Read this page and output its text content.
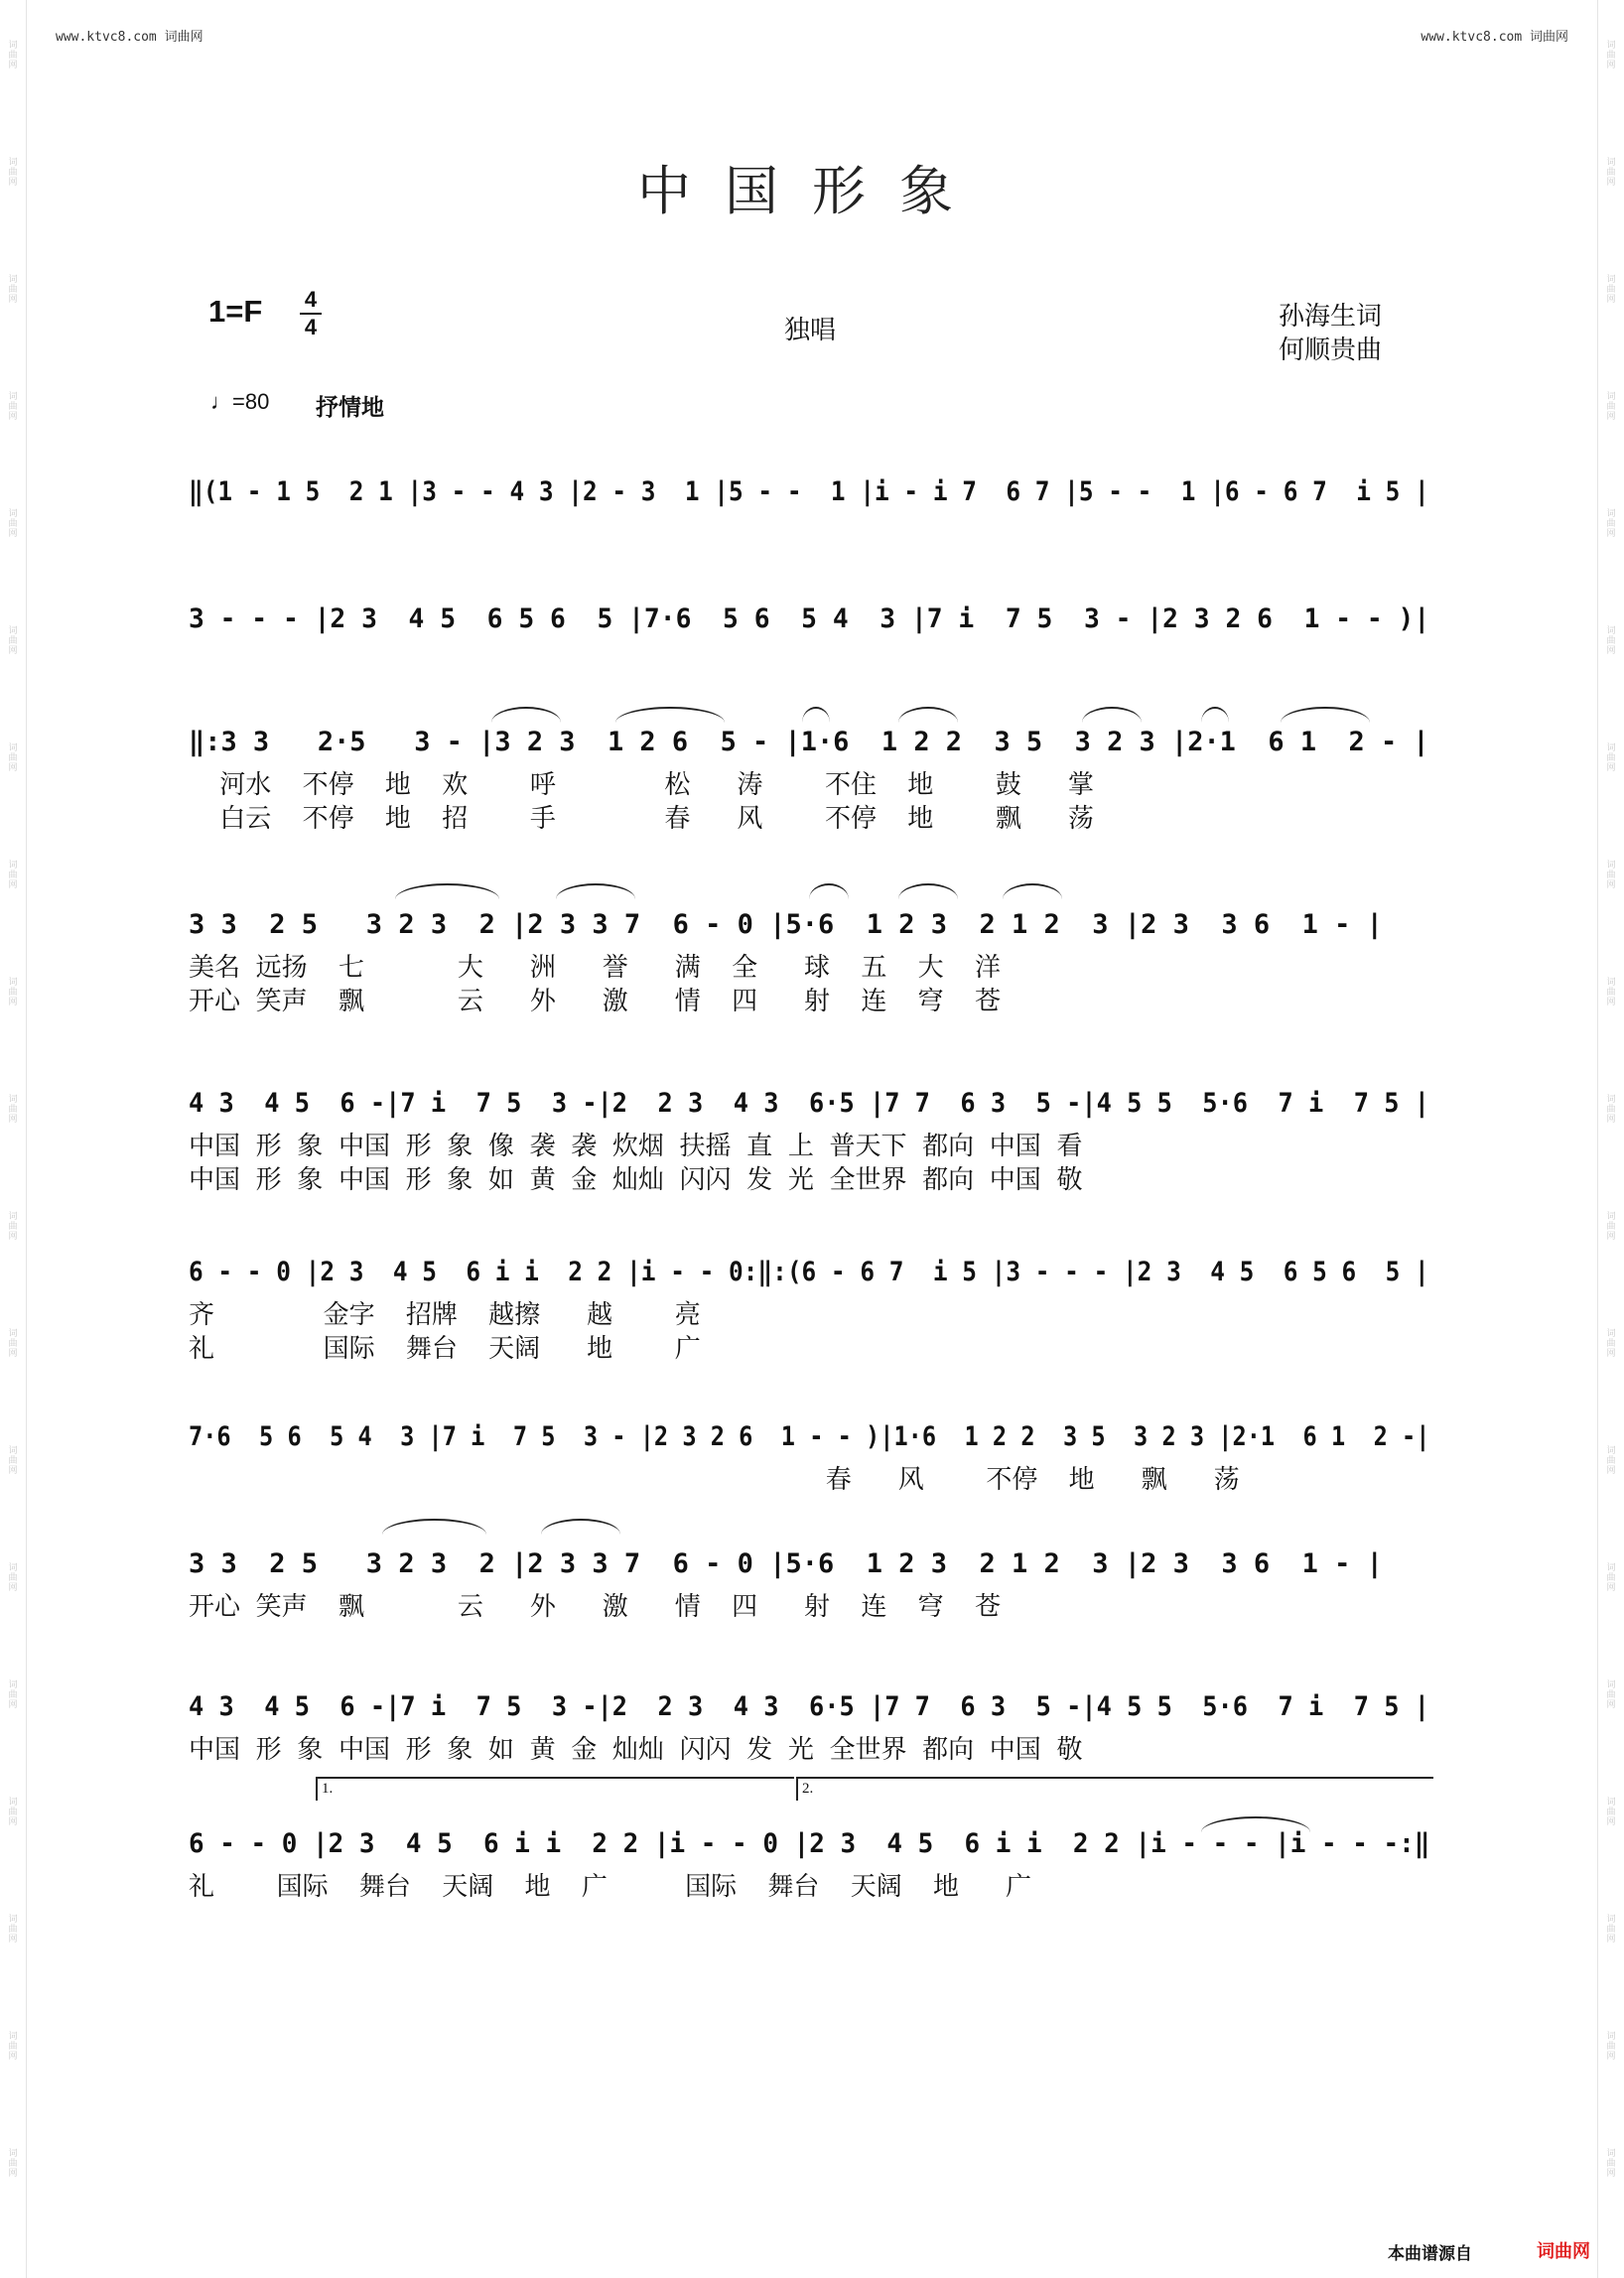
词
曲
网
词
曲
网
词
曲
网
词
曲
网
词
曲
网
词
曲
网
词
曲
网
词
曲
网
词
曲
网
词
曲
网
词
曲
网
词
曲
网
词
曲
网
词
曲
网
词
曲
网
词
曲
网
词
曲
网
词
曲
网
词
曲
网
词
曲
网
词
曲
网
词
曲
网
词
曲
网
词
曲
网
词
曲
网
词
曲
网
词
曲
网
词
曲
网
词
曲
网
词
曲
网
词
曲
网
词
曲
网
词
曲
网
词
曲
网
词
曲
网
词
曲
网
词
曲
网
词
曲
网
www.ktvc8.com 词曲网	www.ktvc8.com 词曲网
中国形象
1=F 4
4	独唱	孙海生词
何顺贵曲
♩=80 抒情地
‖(1 - 1 5  2 1 |3 - - 4 3 |2 - 3  1 |5 - -  1 |i - i 7  6 7 |5 - -  1 |6 - 6 7  i 5 |
3 - - - |2 3  4 5  6 5 6  5 |7·6  5 6  5 4  3 |7 i  7 5  3 - |2 3 2 6  1 - - )|
‖:3 3   2·5   3 - |3 2 3  1 2 6  5 - |1·6  1 2 2  3 5  3 2 3 |2·1  6 1  2 - |
河水  不停  地  欢    呼       松   涛    不住  地    鼓   掌
白云  不停  地  招    手       春   风    不停  地    飘   荡
3 3  2 5   3 2 3  2 |2 3 3 7  6 - 0 |5·6  1 2 3  2 1 2  3 |2 3  3 6  1 - |
美名 远扬  七      大   洲   誉   满  全   球  五  大  洋
开心 笑声  飘      云   外   激   情  四   射  连  穹  苍
4 3  4 5  6 -|7 i  7 5  3 -|2  2 3  4 3  6·5 |7 7  6 3  5 -|4 5 5  5·6  7 i  7 5 |
中国 形 象 中国 形 象 像 袭 袭 炊烟 扶摇 直 上 普天下 都向 中国 看
中国 形 象 中国 形 象 如 黄 金 灿灿 闪闪 发 光 全世界 都向 中国 敬
6 - - 0 |2 3  4 5  6 i i  2 2 |i - - 0:‖:(6 - 6 7  i 5 |3 - - - |2 3  4 5  6 5 6  5 |
齐       金字  招牌  越擦   越    亮
礼       国际  舞台  天阔   地    广
7·6  5 6  5 4  3 |7 i  7 5  3 - |2 3 2 6  1 - - )|1·6  1 2 2  3 5  3 2 3 |2·1  6 1  2 -|
春   风    不停  地   飘   荡
3 3  2 5   3 2 3  2 |2 3 3 7  6 - 0 |5·6  1 2 3  2 1 2  3 |2 3  3 6  1 - |
开心 笑声  飘      云   外   激   情  四   射  连  穹  苍
4 3  4 5  6 -|7 i  7 5  3 -|2  2 3  4 3  6·5 |7 7  6 3  5 -|4 5 5  5·6  7 i  7 5 |
中国 形 象 中国 形 象 如 黄 金 灿灿 闪闪 发 光 全世界 都向 中国 敬
6 - - 0 |2 3  4 5  6 i i  2 2 |i - - 0 |2 3  4 5  6 i i  2 2 |i - - - |i - - -:‖
礼    国际  舞台  天阔  地  广     国际  舞台  天阔  地   广
1.	2.
本曲谱源自	词曲网
